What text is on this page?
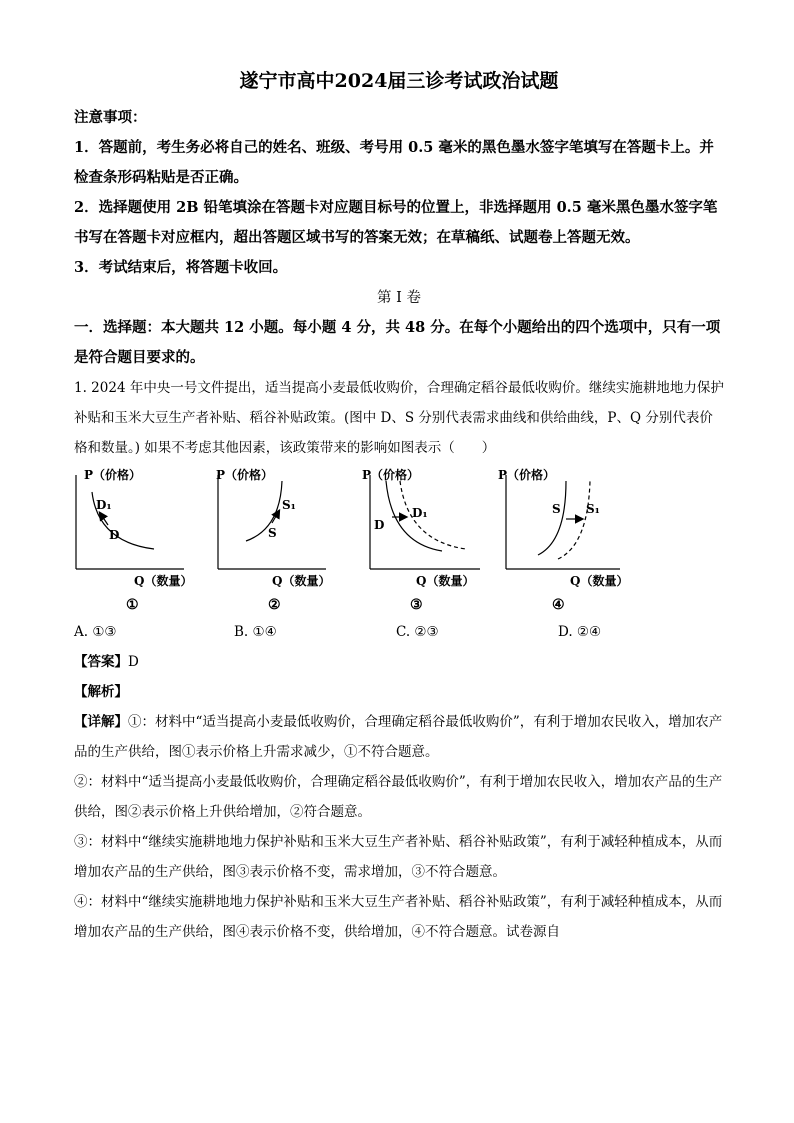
遂宁市高中2024届三诊考试政治试题

注意事项：

1．答题前，考生务必将自己的姓名、班级、考号用 0.5 毫米的黑色墨水签字笔填写在答题卡上。并检查条形码粘贴是否正确。

2．选择题使用 2B 铅笔填涂在答题卡对应题目标号的位置上，非选择题用 0.5 毫米黑色墨水签字笔书写在答题卡对应框内，超出答题区域书写的答案无效；在草稿纸、试题卷上答题无效。

3．考试结束后，将答题卡收回。

第 I 卷

一．选择题：本大题共 12 小题。每小题 4 分，共 48 分。在每个小题给出的四个选项中，只有一项是符合题目要求的。

1. 2024 年中央一号文件提出，适当提高小麦最低收购价，合理确定稻谷最低收购价。继续实施耕地地力保护补贴和玉米大豆生产者补贴、稻谷补贴政策。(图中 D、S 分别代表需求曲线和供给曲线，P、Q 分别代表价格和数量。) 如果不考虑其他因素，该政策带来的影响如图表示（　　）

P（价格）
Q（数量）
D₁
D
①
P（价格）
Q（数量）
S₁
S
②
P（价格）
Q（数量）
D
D₁
③
P（价格）
Q（数量）
S S₁
④
A. ①③	B. ①④	C. ②③	D. ②④

【答案】D

【解析】

【详解】①：材料中“适当提高小麦最低收购价，合理确定稻谷最低收购价”，有利于增加农民收入，增加农产品的生产供给，图①表示价格上升需求减少，①不符合题意。

②：材料中“适当提高小麦最低收购价，合理确定稻谷最低收购价”，有利于增加农民收入，增加农产品的生产供给，图②表示价格上升供给增加，②符合题意。

③：材料中“继续实施耕地地力保护补贴和玉米大豆生产者补贴、稻谷补贴政策”，有利于减轻种植成本，从而增加农产品的生产供给，图③表示价格不变，需求增加，③不符合题意。

④：材料中“继续实施耕地地力保护补贴和玉米大豆生产者补贴、稻谷补贴政策”，有利于减轻种植成本，从而增加农产品的生产供给，图④表示价格不变，供给增加，④不符合题意。试卷源自
